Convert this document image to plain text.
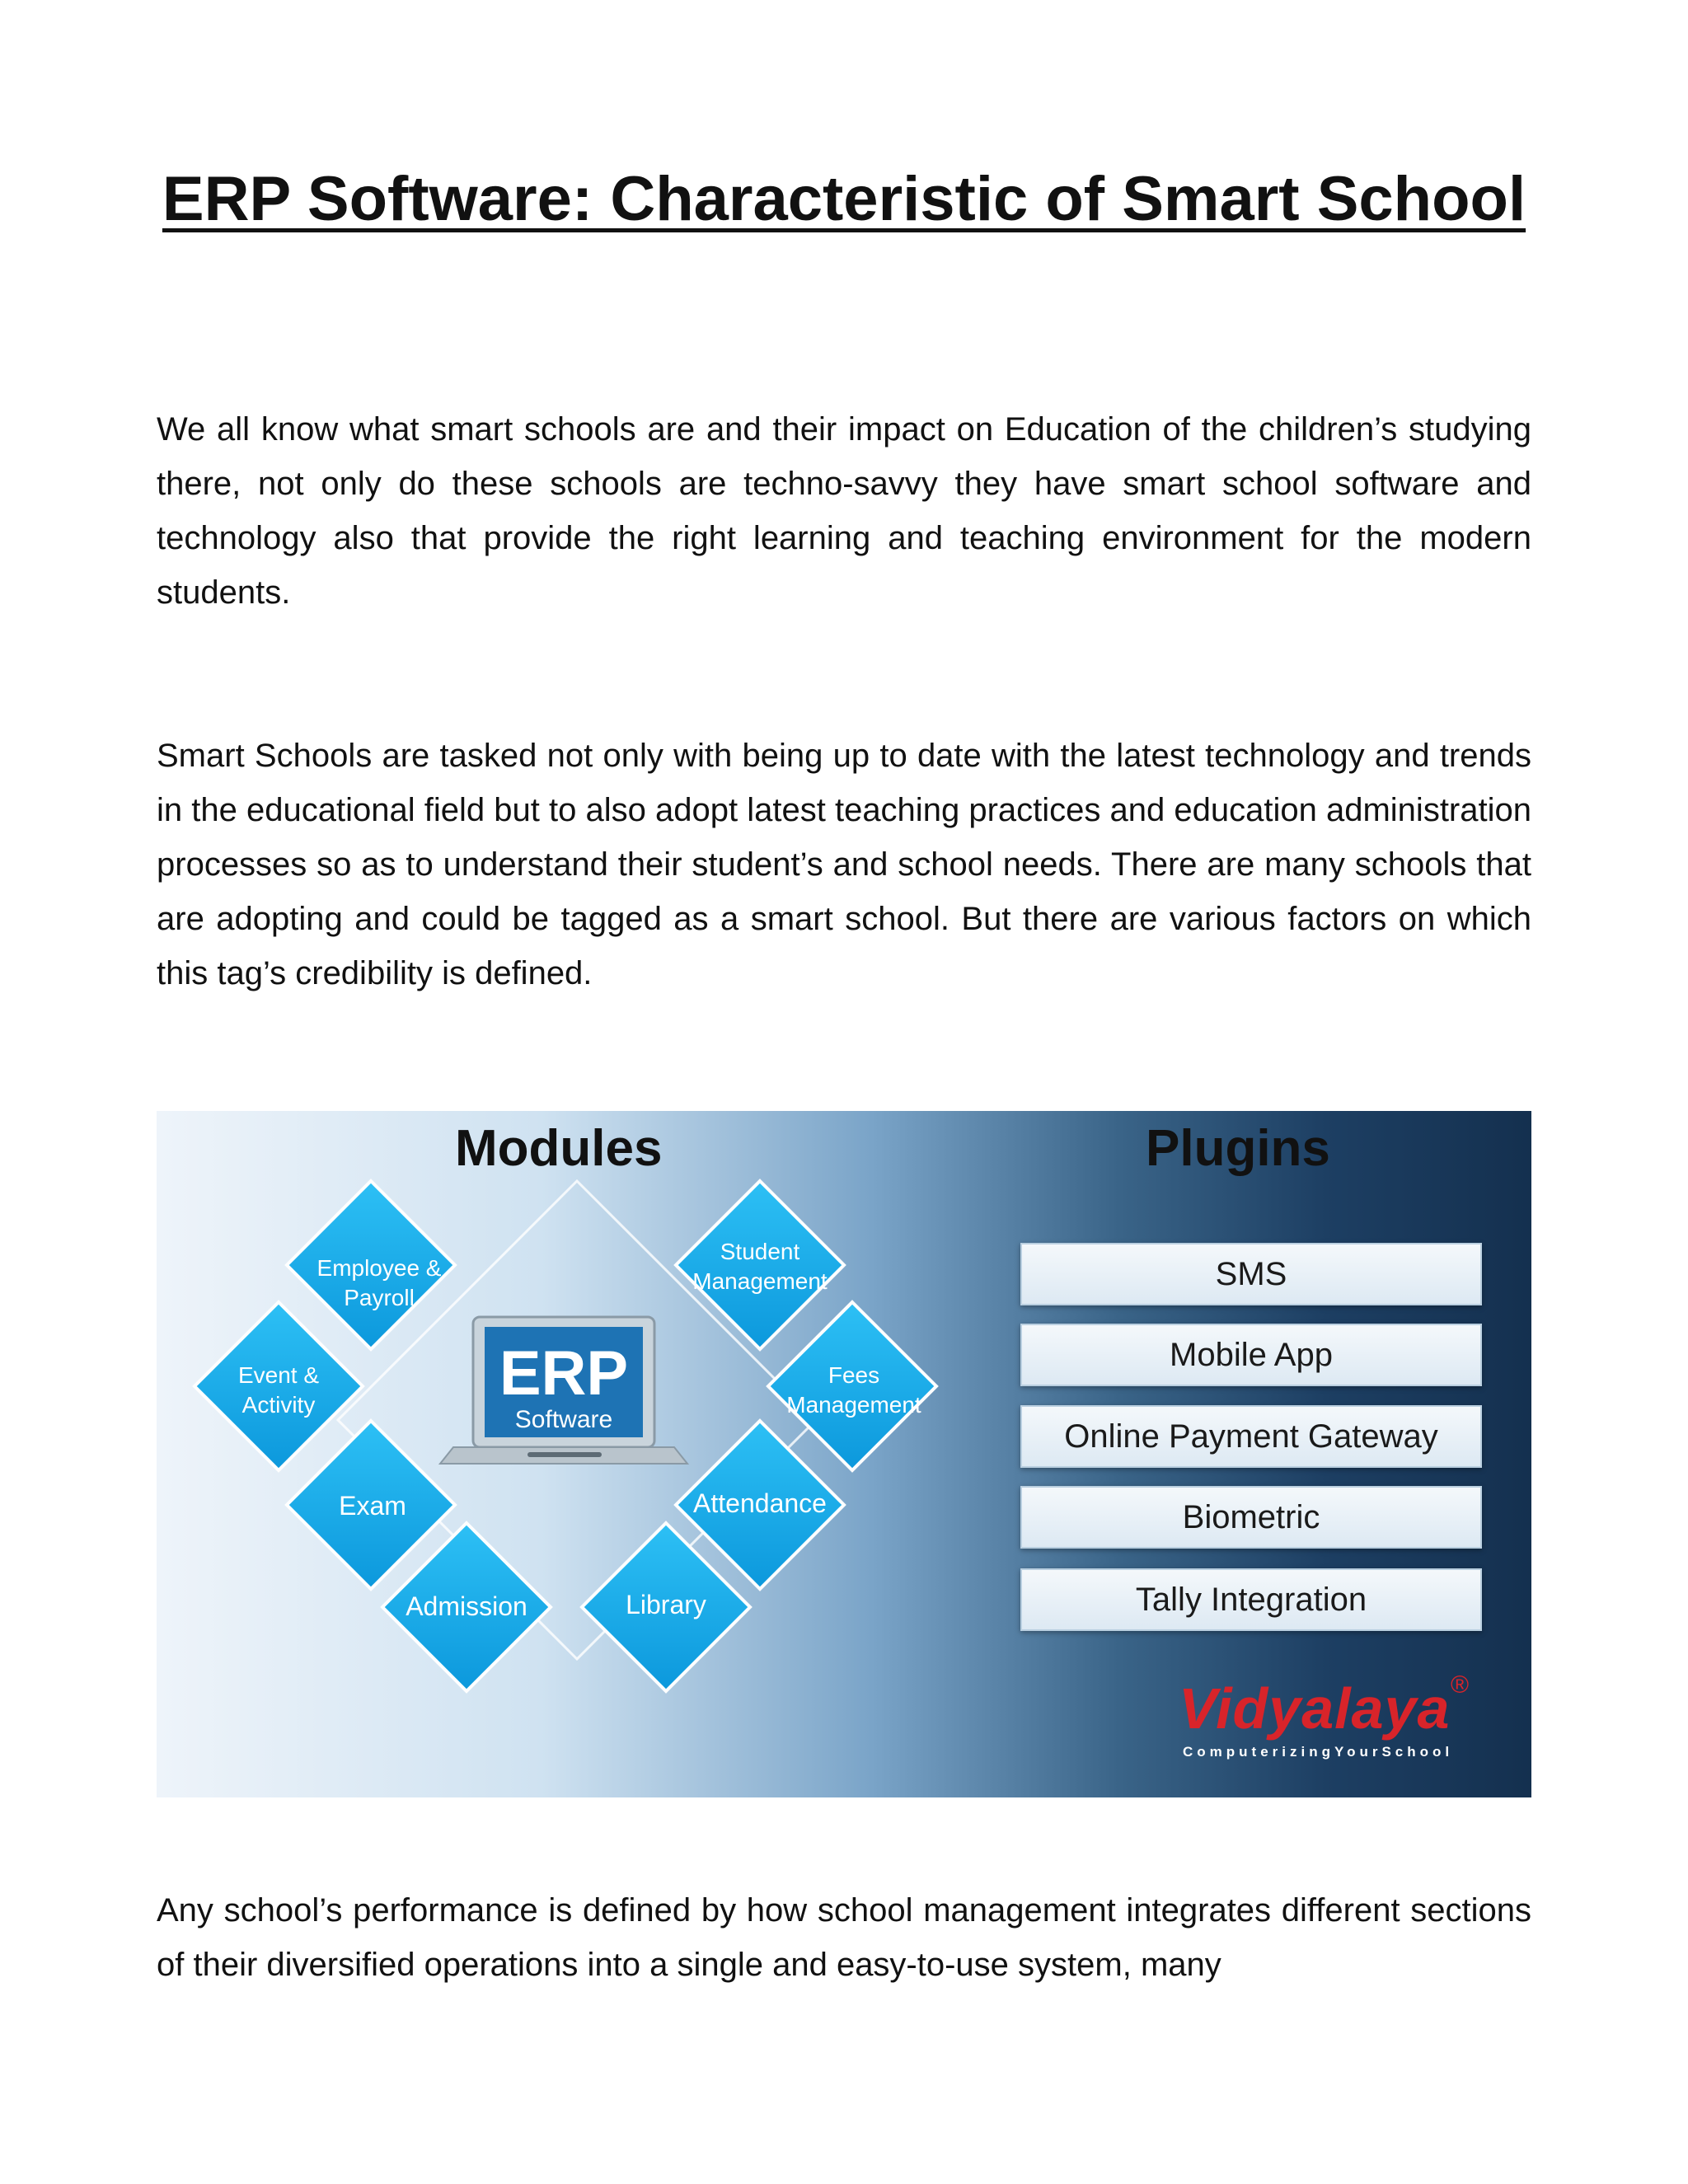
ERP Software: Characteristic of Smart School

We all know what smart schools are and their impact on Education of the children’s studying there, not only do these schools are techno-savvy they have smart school software and technology also that provide the right learning and teaching environment for the modern students.

Smart Schools are tasked not only with being up to date with the latest technology and trends in the educational field but to also adopt latest teaching practices and education administration processes so as to understand their student’s and school needs. There are many schools that are adopting and could be tagged as a smart school. But there are various factors on which this tag’s credibility is defined.

Employee &
Payroll
Student
Management
Event &
Activity
Fees
Management
Exam	Attendance
Admission	Library
ERP
Software
Modules	Plugins
SMS
Mobile App
Online Payment Gateway
Biometric
Tally Integration
Vidyalaya ®
ComputerizingYourSchool

Any school’s performance is defined by how school management integrates different sections of their diversified operations into a single and easy-to-use system, many
